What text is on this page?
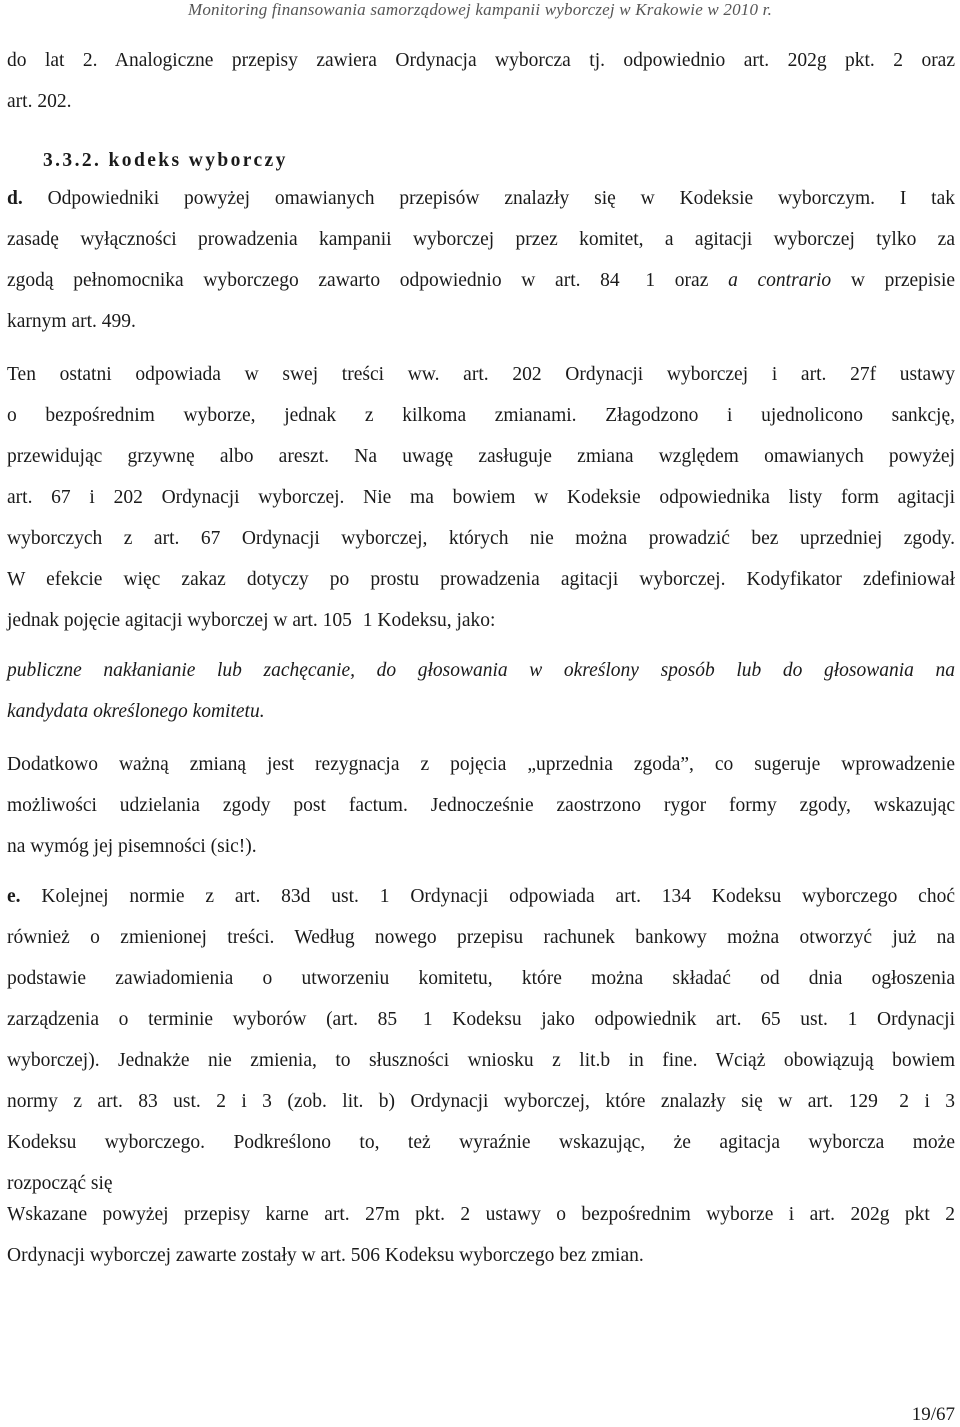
Monitoring finansowania samorządowej kampanii wyborczej w Krakowie w 2010 r.

do lat 2. Analogiczne przepisy zawiera Ordynacja wyborcza tj. odpowiednio art. 202g pkt. 2 oraz
art. 202.

3.3.2. kodeks wyborczy

d. Odpowiedniki powyżej omawianych przepisów znalazły się w Kodeksie wyborczym. I tak
zasadę wyłączności prowadzenia kampanii wyborczej przez komitet, a agitacji wyborczej tylko za
zgodą pełnomocnika wyborczego zawarto odpowiednio w art. 84 1 oraz a contrario w przepisie
karnym art. 499.

Ten ostatni odpowiada w swej treści ww. art. 202 Ordynacji wyborczej i art. 27f ustawy
o bezpośrednim wyborze, jednak z kilkoma zmianami. Złagodzono i ujednolicono sankcję,
przewidując grzywnę albo areszt. Na uwagę zasługuje zmiana względem omawianych powyżej
art. 67 i 202 Ordynacji wyborczej. Nie ma bowiem w Kodeksie odpowiednika listy form agitacji
wyborczych z art. 67 Ordynacji wyborczej, których nie można prowadzić bez uprzedniej zgody.
W efekcie więc zakaz dotyczy po prostu prowadzenia agitacji wyborczej. Kodyfikator zdefiniował
jednak pojęcie agitacji wyborczej w art. 105 1 Kodeksu, jako:

publiczne nakłanianie lub zachęcanie, do głosowania w określony sposób lub do głosowania na
kandydata określonego komitetu.

Dodatkowo ważną zmianą jest rezygnacja z pojęcia „uprzednia zgoda”, co sugeruje wprowadzenie
możliwości udzielania zgody post factum. Jednocześnie zaostrzono rygor formy zgody, wskazując
na wymóg jej pisemności (sic!).

e. Kolejnej normie z art. 83d ust. 1 Ordynacji odpowiada art. 134 Kodeksu wyborczego choć
również o zmienionej treści. Według nowego przepisu rachunek bankowy można otworzyć już na
podstawie zawiadomienia o utworzeniu komitetu, które można składać od dnia ogłoszenia
zarządzenia o terminie wyborów (art. 85 1 Kodeksu jako odpowiednik art. 65 ust. 1 Ordynacji
wyborczej). Jednakże nie zmienia, to słuszności wniosku z lit.b in fine. Wciąż obowiązują bowiem
normy z art. 83 ust. 2 i 3 (zob. lit. b) Ordynacji wyborczej, które znalazły się w art. 129 2 i 3
Kodeksu wyborczego. Podkreślono to, też wyraźnie wskazując, że agitacja wyborcza może
rozpocząć się

Wskazane powyżej przepisy karne art. 27m pkt. 2 ustawy o bezpośrednim wyborze i art. 202g pkt 2
Ordynacji wyborczej zawarte zostały w art. 506 Kodeksu wyborczego bez zmian.

19/67
